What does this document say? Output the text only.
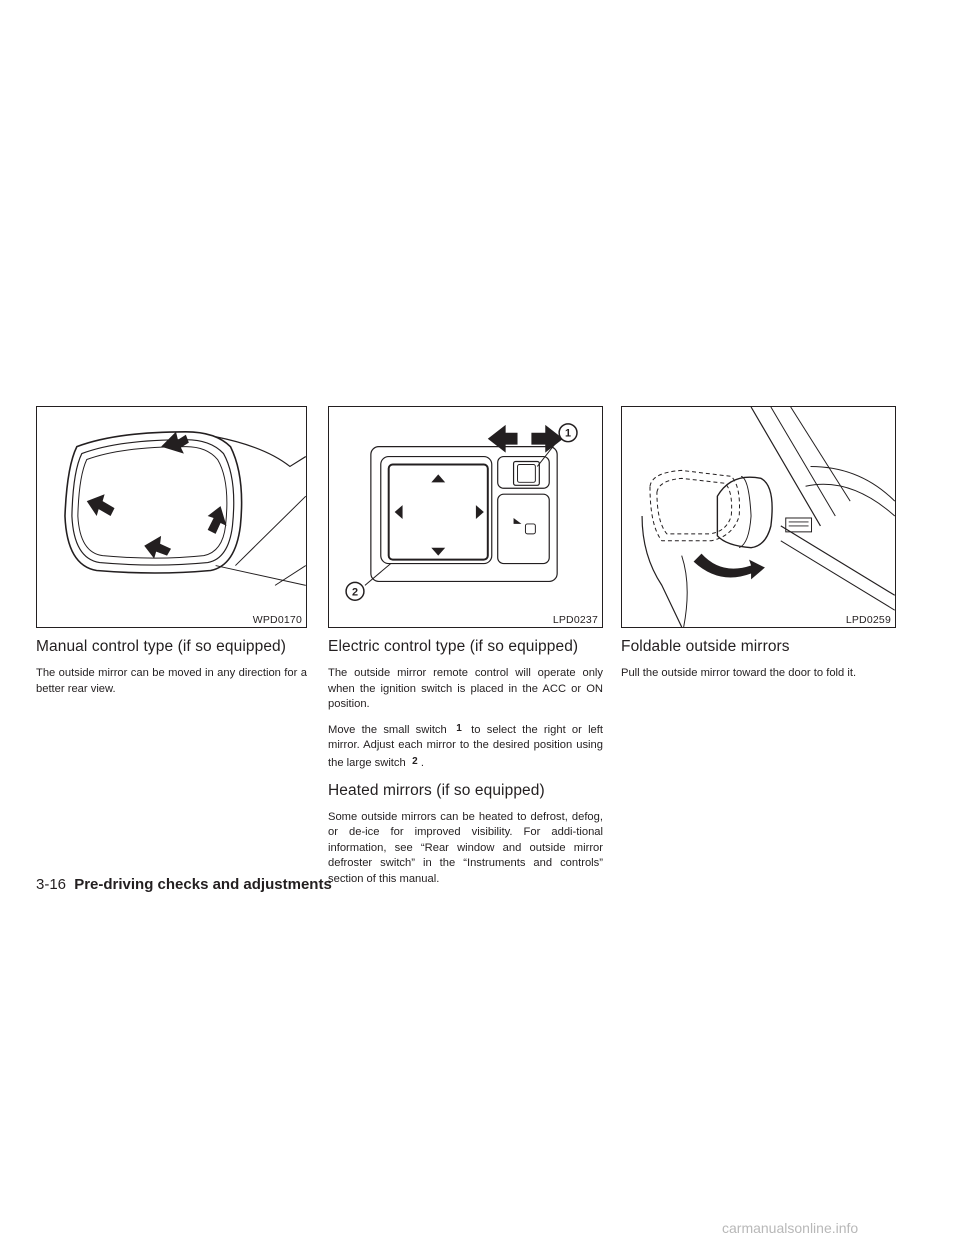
WPD0170
Manual control type (if so equipped)

The outside mirror can be moved in any direction for a better rear view.

1
2
LPD0237
Electric control type (if so equipped)

The outside mirror remote control will operate only when the ignition switch is placed in the ACC or ON position.

Move the small switch 1 to select the right or left mirror. Adjust each mirror to the desired position using the large switch 2 .

Heated mirrors (if so equipped)

Some outside mirrors can be heated to defrost, defog, or de-ice for improved visibility. For addi-tional information, see “Rear window and outside mirror defroster switch” in the “Instruments and controls” section of this manual.

LPD0259
Foldable outside mirrors

Pull the outside mirror toward the door to fold it.

3-16 Pre-driving checks and adjustments
carmanualsonline.info
